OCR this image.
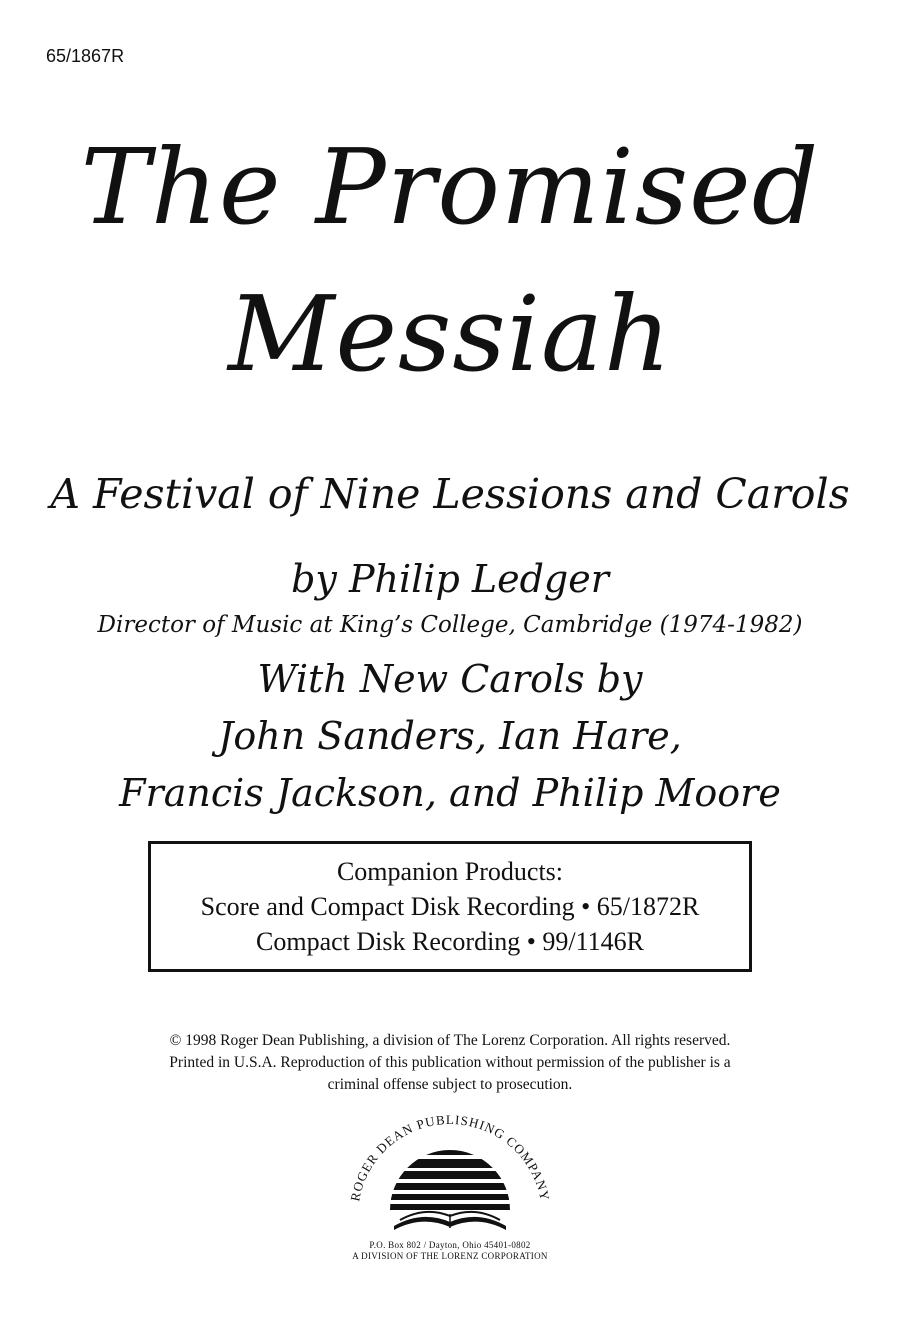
65/1867R
The Promised
Messiah
A Festival of Nine Lessions and Carols
by Philip Ledger
Director of Music at King’s College, Cambridge (1974-1982)
With New Carols by
John Sanders, Ian Hare,
Francis Jackson, and Philip Moore
Companion Products:
Score and Compact Disk Recording • 65/1872R
Compact Disk Recording • 99/1146R
© 1998 Roger Dean Publishing, a division of The Lorenz Corporation. All rights reserved.
Printed in U.S.A. Reproduction of this publication without permission of the publisher is a
criminal offense subject to prosecution.
ROGER DEAN PUBLISHING COMPANY
P.O. Box 802 / Dayton, Ohio 45401-0802
A DIVISION OF THE LORENZ CORPORATION
